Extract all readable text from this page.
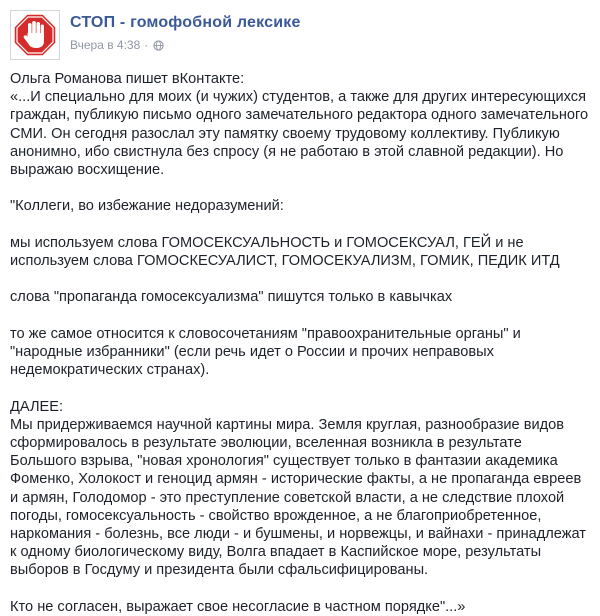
СТОП - гомофобной лексике
Вчера в 4:38 ·

Ольга Романова пишет вКонтакте:
«...И специально для моих (и чужих) студентов, а также для других интересующихся граждан, публикую письмо одного замечательного редактора одного замечательного СМИ. Он сегодня разослал эту памятку своему трудовому коллективу. Публикую анонимно, ибо свистнула без спросу (я не работаю в этой славной редакции). Но выражаю восхищение.

"Коллеги, во избежание недоразумений:

мы используем слова ГОМОСЕКСУАЛЬНОСТЬ и ГОМОСЕКСУАЛ, ГЕЙ и не используем слова ГОМОСКЕСУАЛИСТ, ГОМОСЕКУАЛИЗМ, ГОМИК, ПЕДИК ИТД

слова "пропаганда гомосексуализма" пишутся только в кавычках

то же самое относится к словосочетаниям "правоохранительные органы" и "народные избранники" (если речь идет о России и прочих неправовых недемократических странах).

ДАЛЕЕ:
Мы придерживаемся научной картины мира. Земля круглая, разнообразие видов сформировалось в результате эволюции, вселенная возникла в результате Большого взрыва, "новая хронология" существует только в фантазии академика Фоменко, Холокост и геноцид армян - исторические факты, а не пропаганда евреев и армян, Голодомор - это преступление советской власти, а не следствие плохой погоды, гомосексуальность - свойство врожденное, а не благоприобретенное, наркомания - болезнь, все люди - и бушмены, и норвежцы, и вайнахи - принадлежат к одному биологическому виду, Волга впадает в Каспийское море, результаты выборов в Госдуму и президента были сфальсифицированы.

Кто не согласен, выражает свое несогласие в частном порядке"...»
